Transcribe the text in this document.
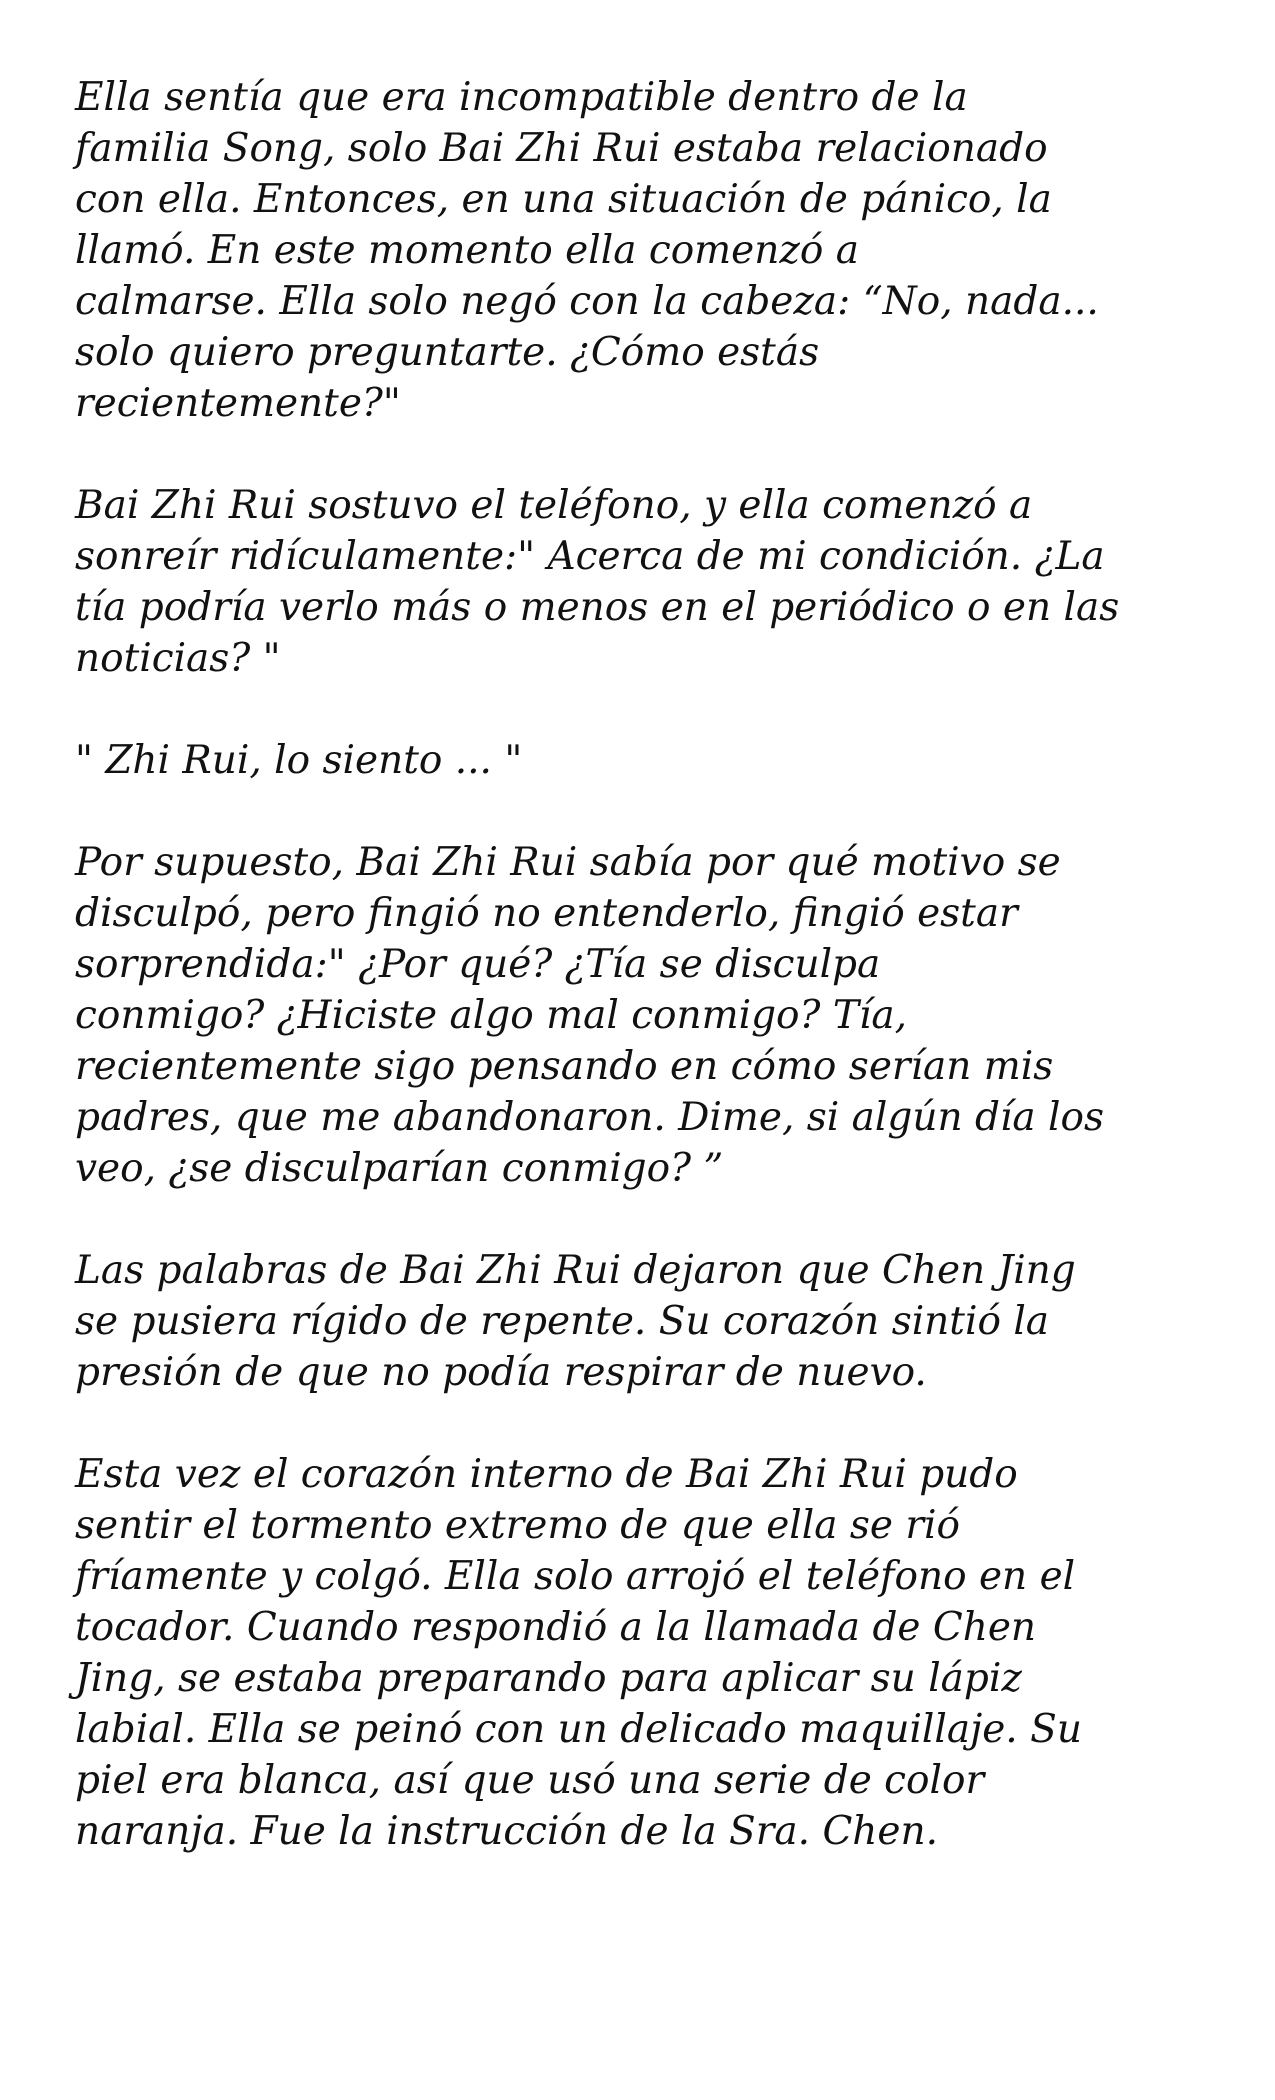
Ella sentía que era incompatible dentro de la
familia Song, solo Bai Zhi Rui estaba relacionado
con ella. Entonces, en una situación de pánico, la
llamó. En este momento ella comenzó a
calmarse. Ella solo negó con la cabeza: “No, nada...
solo quiero preguntarte. ¿Cómo estás
recientemente?"

Bai Zhi Rui sostuvo el teléfono, y ella comenzó a
sonreír ridículamente:" Acerca de mi condición. ¿La
tía podría verlo más o menos en el periódico o en las
noticias? "

" Zhi Rui, lo siento ... "

Por supuesto, Bai Zhi Rui sabía por qué motivo se
disculpó, pero fingió no entenderlo, fingió estar
sorprendida:" ¿Por qué? ¿Tía se disculpa
conmigo? ¿Hiciste algo mal conmigo? Tía,
recientemente sigo pensando en cómo serían mis
padres, que me abandonaron. Dime, si algún día los
veo, ¿se disculparían conmigo? ”

Las palabras de Bai Zhi Rui dejaron que Chen Jing
se pusiera rígido de repente. Su corazón sintió la
presión de que no podía respirar de nuevo.

Esta vez el corazón interno de Bai Zhi Rui pudo
sentir el tormento extremo de que ella se rió
fríamente y colgó. Ella solo arrojó el teléfono en el
tocador. Cuando respondió a la llamada de Chen
Jing, se estaba preparando para aplicar su lápiz
labial. Ella se peinó con un delicado maquillaje. Su
piel era blanca, así que usó una serie de color
naranja. Fue la instrucción de la Sra. Chen.
